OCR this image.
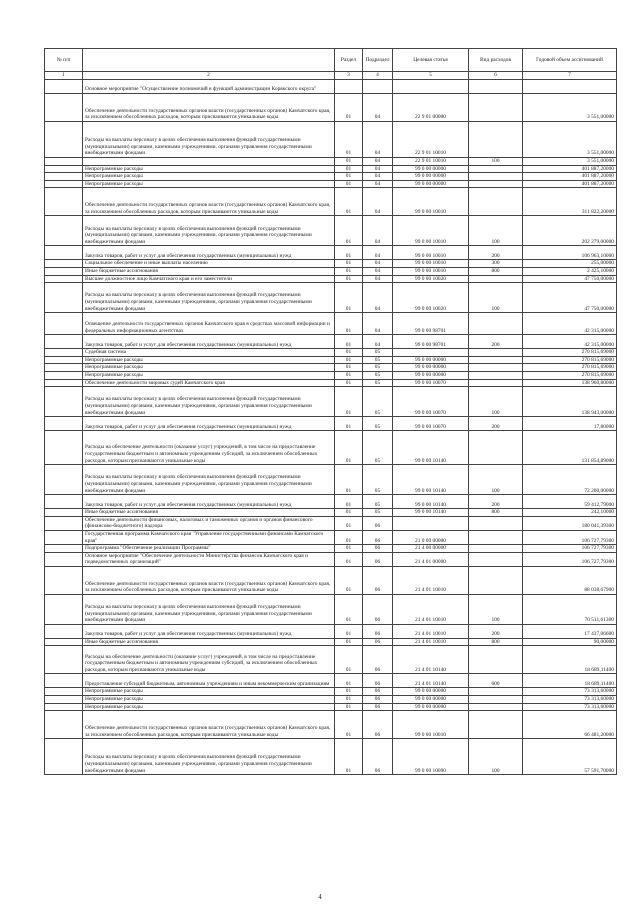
№ п/п		Раздел	Подраздел	Целевая статья	Вид расходов	Годовой объем ассигнований
1	2	3	4	5	6	7
	Основное мероприятие "Осуществление полномочий в функций администрации Корякского округа"					
	Обеспечение деятельности государственных органов власти (государственных органов) Камчатского края, за исключением обособленных расходов, которым присваиваются уникальные коды	01	04	22 9 01 00000		3 551,00000
	Расходы на выплаты персоналу в целях обеспечения выполнения функций государственными (муниципальными) органами, казенными учреждениями, органами управления государственными внебюджетными фондами	01	04	22 9 01 10010		3 551,00000
		01	04	22 9 01 10010	100	3 551,00000
	Непрограммные расходы	01	04	99 0 00 00000		401 887,20000
	Непрограммные расходы	01	04	99 0 00 00000		401 887,20000
	Непрограммные расходы	01	04	99 0 00 00000		401 887,20000
	Обеспечение деятельности государственных органов власти (государственных органов) Камчатского края, за исключением обособленных расходов, которым присваиваются уникальные коды	01	04	99 0 00 10010		311 822,20000
	Расходы на выплаты персоналу в целях обеспечения выполнения функций государственными (муниципальными) органами, казенными учреждениями, органами управления государственными внебюджетными фондами	01	04	99 0 00 10010	100	202 279,00000
	Закупка товаров, работ и услуг для обеспечения государственных (муниципальных) нужд	01	04	99 0 00 10010	200	106 963,10000
	Социальное обеспечение и иные выплаты населению	01	04	99 0 00 10010	300	255,00000
	Иные бюджетные ассигнования	01	04	99 0 00 10010	800	2 425,10000
	Высшее должностное лицо Камчатского края и его заместители	01	04	99 0 00 10020		47 750,00000
	Расходы на выплаты персоналу в целях обеспечения выполнения функций государственными (муниципальными) органами, казенными учреждениями, органами управления государственными внебюджетными фондами	01	04	99 0 00 10020	100	47 750,00000
	Освещение деятельности государственных органов Камчатского края в средствах массовой информации и федеральных информационных агентствах	01	04	99 0 00 98701		42 315,00000
	Закупка товаров, работ и услуг для обеспечения государственных (муниципальных) нужд	01	04	99 0 00 98701	200	42 315,00000
	Судебная система	01	05			270 815,69000
	Непрограммные расходы	01	05	99 0 00 00000		270 815,69000
	Непрограммные расходы	01	05	99 0 00 00000		270 815,69000
	Непрограммные расходы	01	05	99 0 00 00000		270 815,69000
	Обеспечение деятельности мировых судей Камчатского края	01	05	99 0 00 10070		138 960,80000
	Расходы на выплаты персоналу в целях обеспечения выполнения функций государственными (муниципальными) органами, казенными учреждениями, органами управления государственными внебюджетными фондами	01	05	99 0 00 10070	100	138 943,00000
	Закупка товаров, работ и услуг для обеспечения государственных (муниципальных) нужд	01	05	99 0 00 10070	200	17,80000
	Расходы на обеспечение деятельности (оказание услуг) учреждений, в том числе на предоставление государственным бюджетным и автономным учреждениям субсидий, за исключением обособленных расходов, которым присваиваются уникальные коды	01	05	99 0 00 10140		131 854,89000
	Расходы на выплаты персоналу в целях обеспечения выполнения функций государственными (муниципальными) органами, казенными учреждениями, органами управления государственными внебюджетными фондами	01	05	99 0 00 10140	100	72 200,00000
	Закупка товаров, работ и услуг для обеспечения государственных (муниципальных) нужд	01	05	99 0 00 10140	200	59 412,79000
	Иные бюджетные ассигнования	01	05	99 0 00 10140	800	242,10000
	Обеспечение деятельности финансовых, налоговых и таможенных органов и органов финансового (финансово-бюджетного) надзора	01	06			180 041,39300
	Государственная программа Камчатского края "Управление государственными финансами Камчатского края"	01	06	21 0 00 00000		106 727,79300
	Подпрограмма "Обеспечение реализации Программы"	01	06	21 4 00 00000		106 727,79300
	Основное мероприятие "Обеспечение деятельности Министерства финансов Камчатского края и подведомственных организаций"	01	06	21 4 01 00000		106 727,79300
	Обеспечение деятельности государственных органов власти (государственных органов) Камчатского края, за исключением обособленных расходов, которым присваиваются уникальные коды	01	06	21 4 01 10010		88 038,67900
	Расходы на выплаты персоналу в целях обеспечения выполнения функций государственными (муниципальными) органами, казенными учреждениями, органами управления государственными внебюджетными фондами	01	06	21 4 01 10010	100	70 511,61300
	Закупка товаров, работ и услуг для обеспечения государственных (муниципальных) нужд	01	06	21 4 01 10010	200	17 437,06600
	Иные бюджетные ассигнования	01	06	21 4 01 10010	800	90,00000
	Расходы на обеспечение деятельности (оказание услуг) учреждений, в том числе на предоставление государственным бюджетным и автономным учреждениям субсидий, за исключением обособленных расходов, которым присваиваются уникальные коды	01	06	21 4 01 10140		18 689,11400
	Предоставление субсидий бюджетным, автономным учреждениям и иным некоммерческим организациям	01	06	21 4 01 10140	600	18 689,11400
	Непрограммные расходы	01	06	99 0 00 00000		73 313,60000
	Непрограммные расходы	01	06	99 0 00 00000		73 313,60000
	Непрограммные расходы	01	06	99 0 00 00000		73 313,60000
	Обеспечение деятельности государственных органов власти (государственных органов) Камчатского края, за исключением обособленных расходов, которым присваиваются уникальные коды	01	06	99 0 00 10010		66 481,20000
	Расходы на выплаты персоналу в целях обеспечения выполнения функций государственными (муниципальными) органами, казенными учреждениями, органами управления государственными внебюджетными фондами	01	06	99 0 00 10090	100	57 591,70000
4
